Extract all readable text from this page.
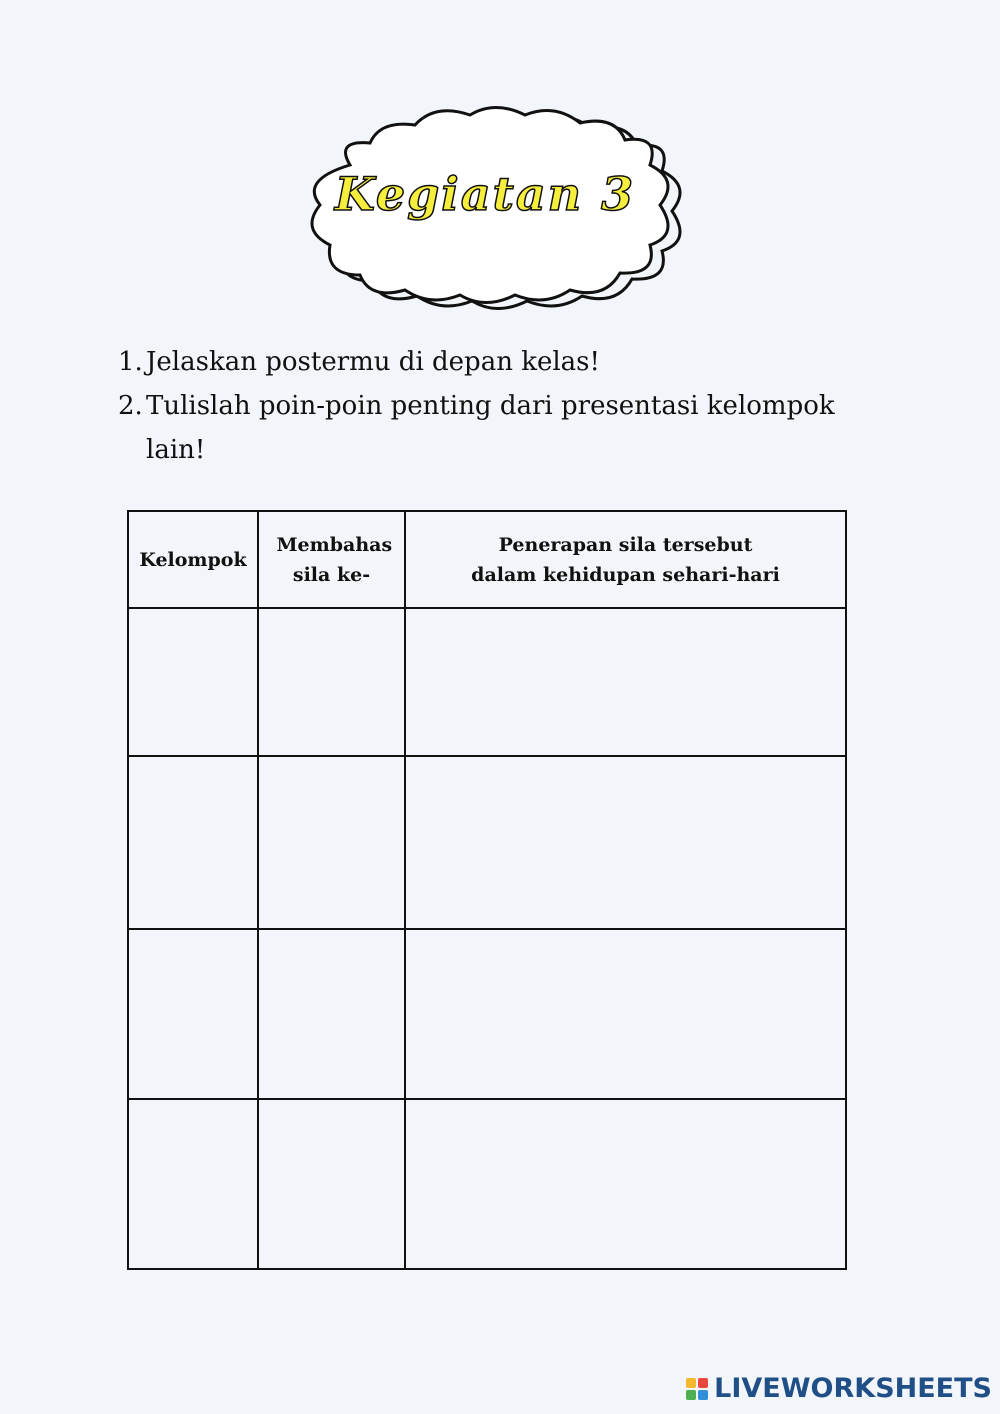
Kegiatan 3
1. Jelaskan postermu di depan kelas!
2. Tulislah poin-poin penting dari presentasi kelompok lain!
Kelompok	Membahas sila ke-	Penerapan sila tersebut dalam kehidupan sehari-hari

LIVEWORKSHEETS
